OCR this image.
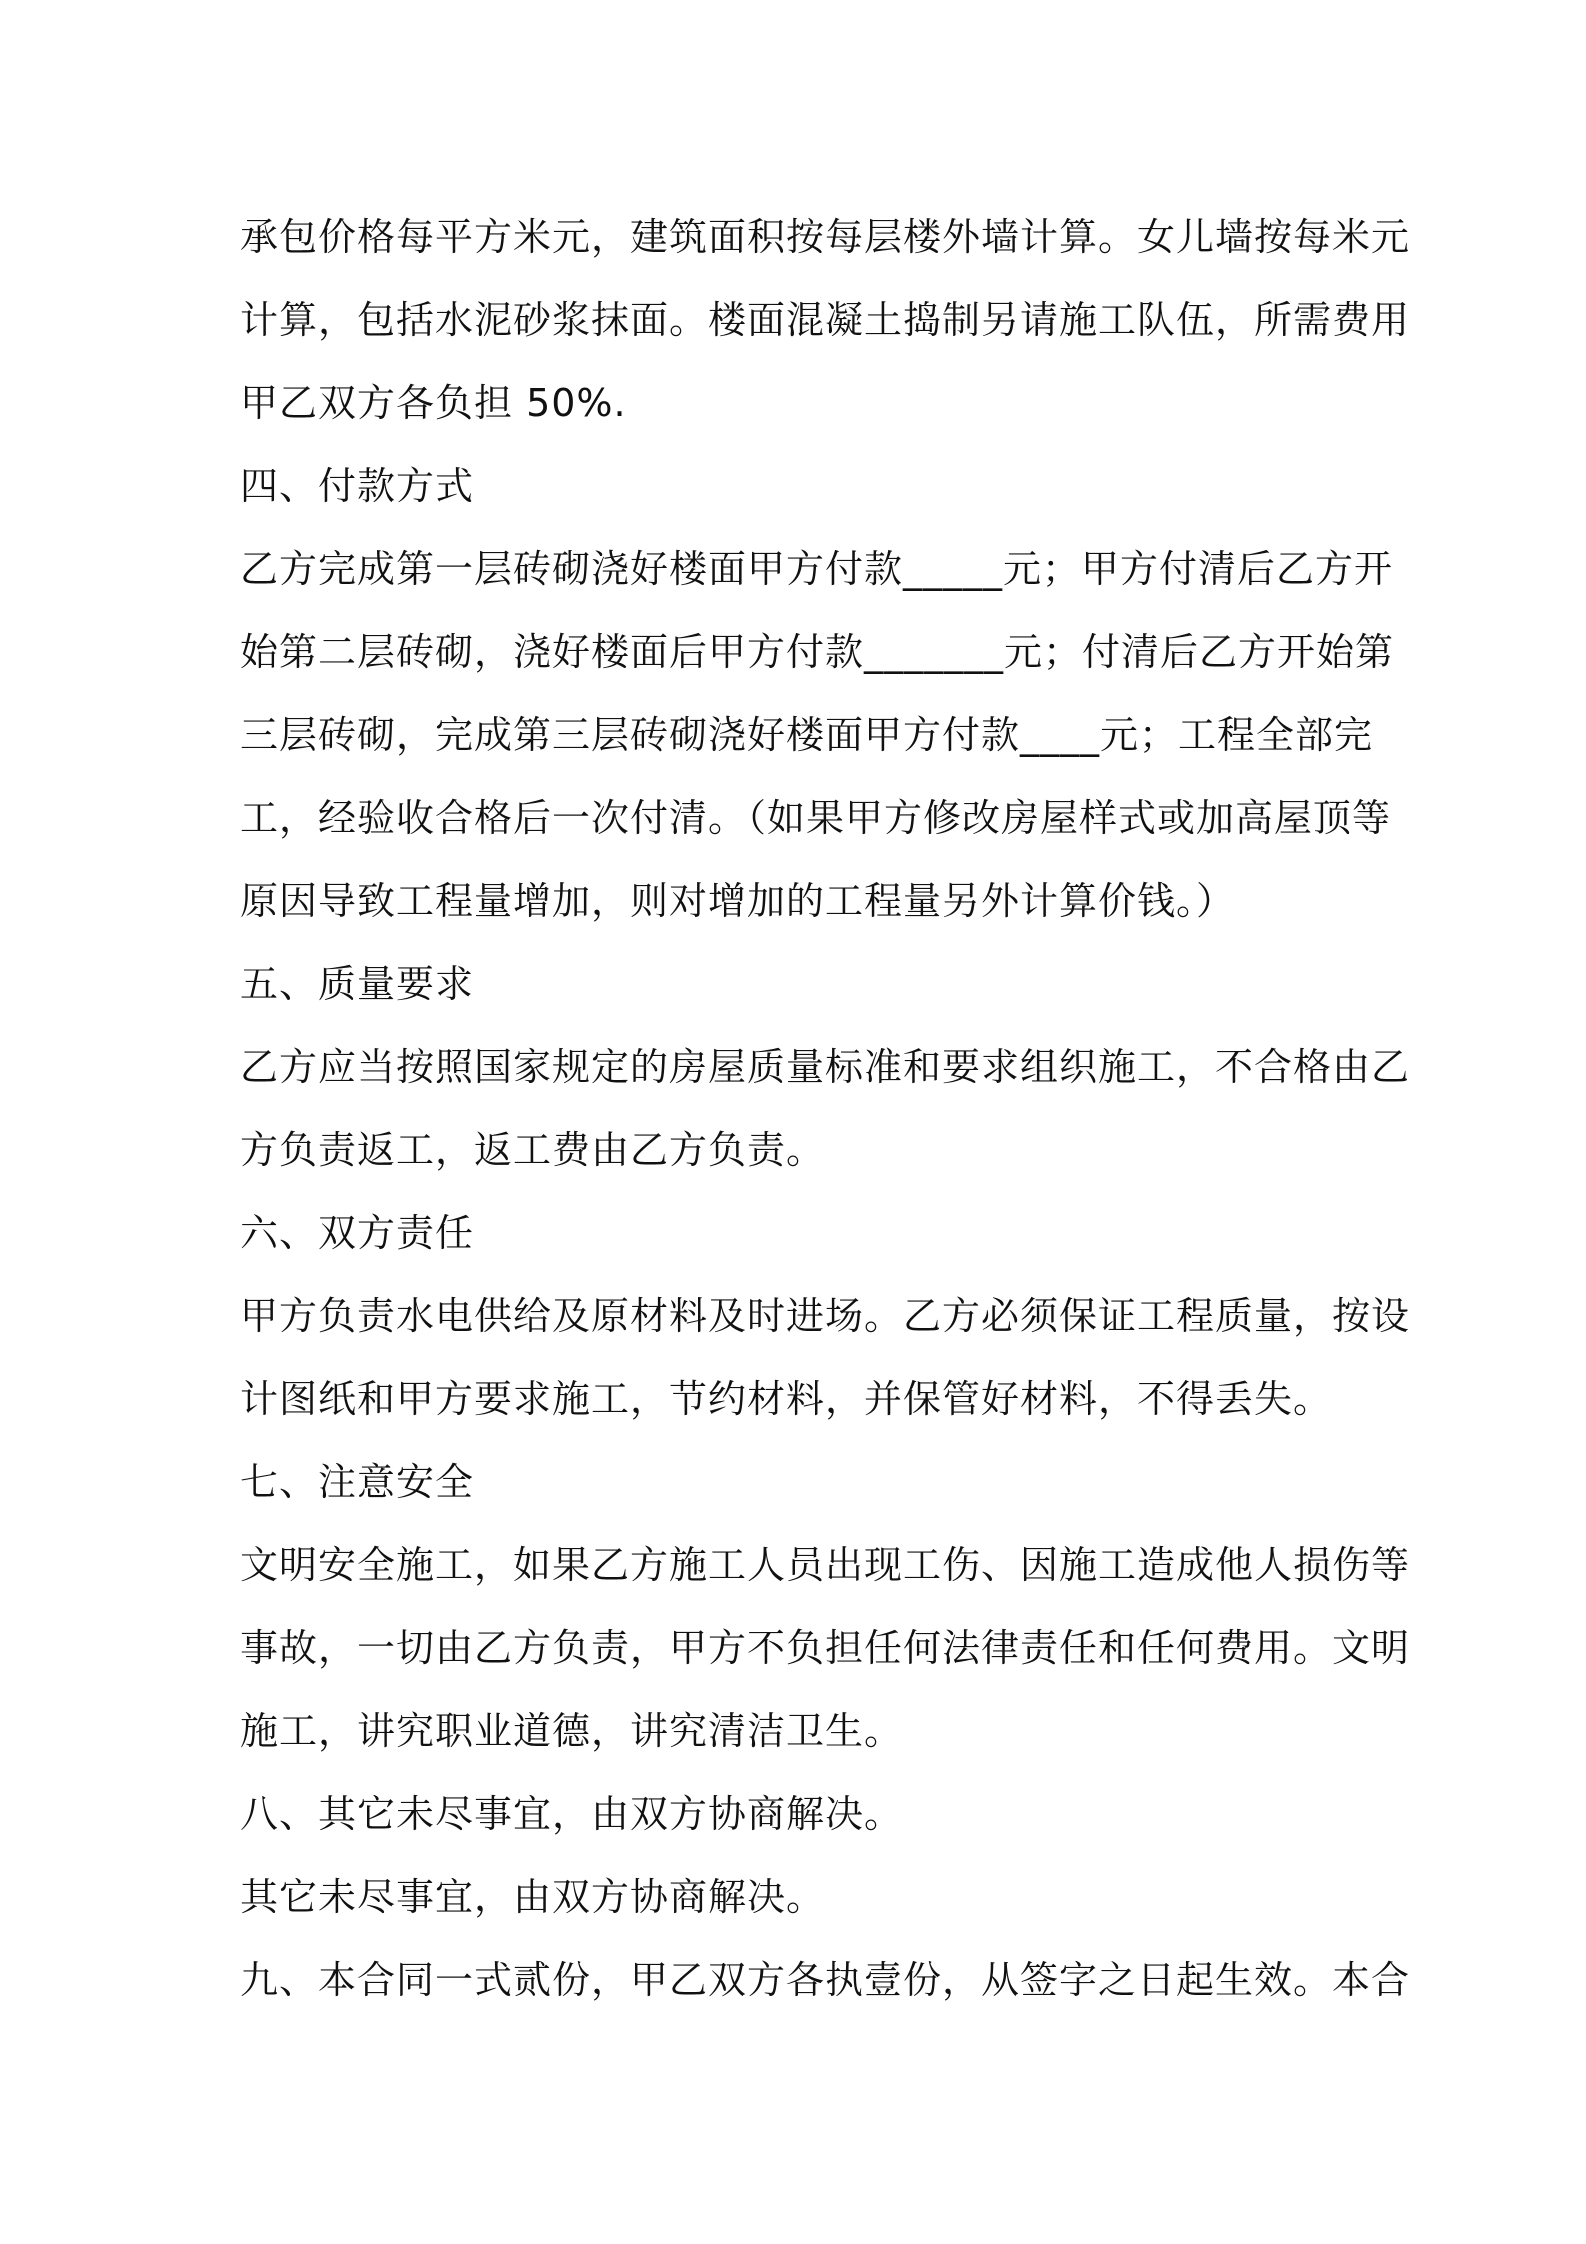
承包价格每平方米元，建筑面积按每层楼外墙计算。女儿墙按每米元
计算，包括水泥砂浆抹面。楼面混凝土捣制另请施工队伍，所需费用
甲乙双方各负担 50%.
四、付款方式
乙方完成第一层砖砌浇好楼面甲方付款_____元；甲方付清后乙方开
始第二层砖砌，浇好楼面后甲方付款_______元；付清后乙方开始第
三层砖砌，完成第三层砖砌浇好楼面甲方付款____元；工程全部完
工，经验收合格后一次付清。（如果甲方修改房屋样式或加高屋顶等
原因导致工程量增加，则对增加的工程量另外计算价钱。）
五、质量要求
乙方应当按照国家规定的房屋质量标准和要求组织施工，不合格由乙
方负责返工，返工费由乙方负责。
六、双方责任
甲方负责水电供给及原材料及时进场。乙方必须保证工程质量，按设
计图纸和甲方要求施工，节约材料，并保管好材料，不得丢失。
七、注意安全
文明安全施工，如果乙方施工人员出现工伤、因施工造成他人损伤等
事故，一切由乙方负责，甲方不负担任何法律责任和任何费用。文明
施工，讲究职业道德，讲究清洁卫生。
八、其它未尽事宜，由双方协商解决。
其它未尽事宜，由双方协商解决。
九、本合同一式贰份，甲乙双方各执壹份，从签字之日起生效。本合
